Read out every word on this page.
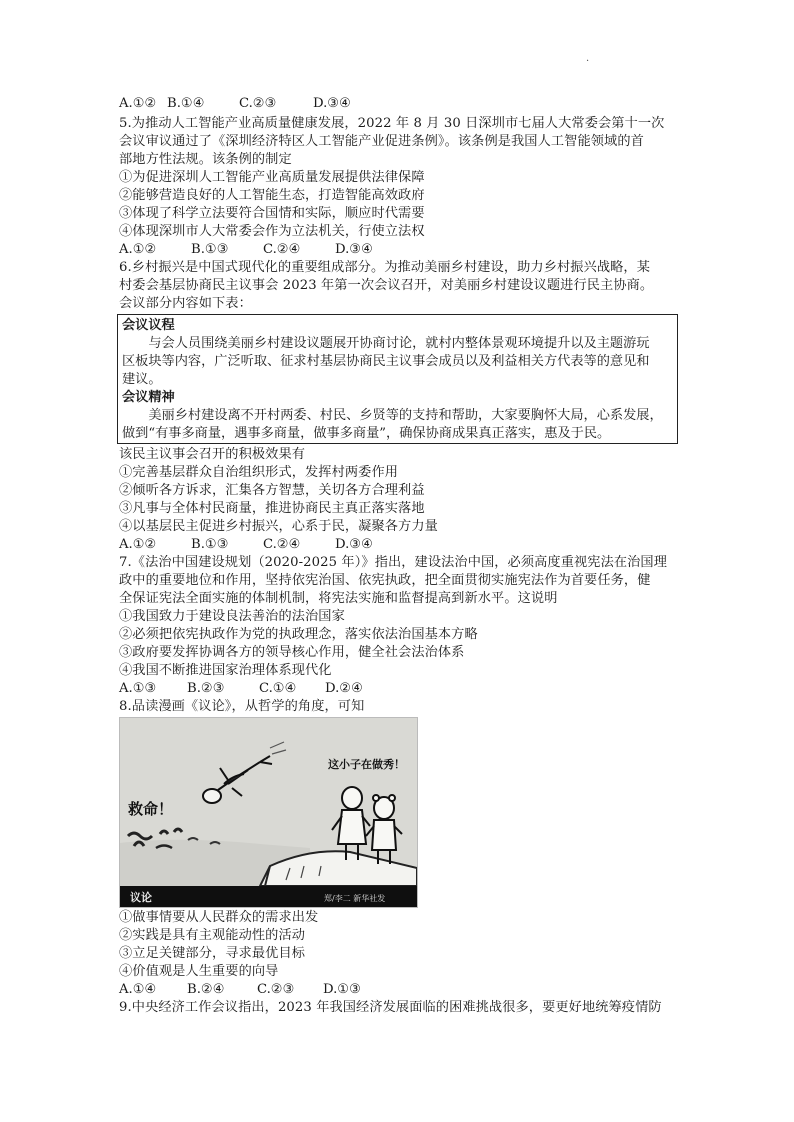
·
A.①② B.①④	C.②③	D.③④
5.为推动人工智能产业高质量健康发展，2022 年 8 月 30 日深圳市七届人大常委会第十一次
会议审议通过了《深圳经济特区人工智能产业促进条例》。该条例是我国人工智能领域的首
部地方性法规。该条例的制定
①为促进深圳人工智能产业高质量发展提供法律保障
②能够营造良好的人工智能生态，打造智能高效政府
③体现了科学立法要符合国情和实际，顺应时代需要
④体现深圳市人大常委会作为立法机关，行使立法权
A.①②	B.①③	C.②④	D.③④
6.乡村振兴是中国式现代化的重要组成部分。为推动美丽乡村建设，助力乡村振兴战略，某
村委会基层协商民主议事会 2023 年第一次会议召开，对美丽乡村建设议题进行民主协商。
会议部分内容如下表：
会议议程
　　与会人员围绕美丽乡村建设议题展开协商讨论，就村内整体景观环境提升以及主题游玩
区板块等内容，广泛听取、征求村基层协商民主议事会成员以及利益相关方代表等的意见和
建议。
会议精神
　　美丽乡村建设离不开村两委、村民、乡贤等的支持和帮助，大家要胸怀大局，心系发展，
做到“有事多商量，遇事多商量，做事多商量”，确保协商成果真正落实，惠及于民。
该民主议事会召开的积极效果有
①完善基层群众自治组织形式，发挥村两委作用
②倾听各方诉求，汇集各方智慧，关切各方合理利益
③凡事与全体村民商量，推进协商民主真正落实落地
④以基层民主促进乡村振兴，心系于民，凝聚各方力量
A.①②	B.①③	C.②④	D.③④
7.《法治中国建设规划（2020-2025 年）》指出，建设法治中国，必须高度重视宪法在治国理
政中的重要地位和作用，坚持依宪治国、依宪执政，把全面贯彻实施宪法作为首要任务，健
全保证宪法全面实施的体制机制，将宪法实施和监督提高到新水平。这说明
①我国致力于建设良法善治的法治国家
②必须把依宪执政作为党的执政理念，落实依法治国基本方略
③政府要发挥协调各方的领导核心作用，健全社会法治体系
④我国不断推进国家治理体系现代化
A.①③ B.②③	C.①④ D.②④
8.品读漫画《议论》，从哲学的角度，可知
救命！
这小子在做秀！
议论	郑/李二 新华社发
①做事情要从人民群众的需求出发
②实践是具有主观能动性的活动
③立足关键部分，寻求最优目标
④价值观是人生重要的向导
A.①④ B.②④ C.②③ D.①③
9.中央经济工作会议指出，2023 年我国经济发展面临的困难挑战很多，要更好地统筹疫情防
